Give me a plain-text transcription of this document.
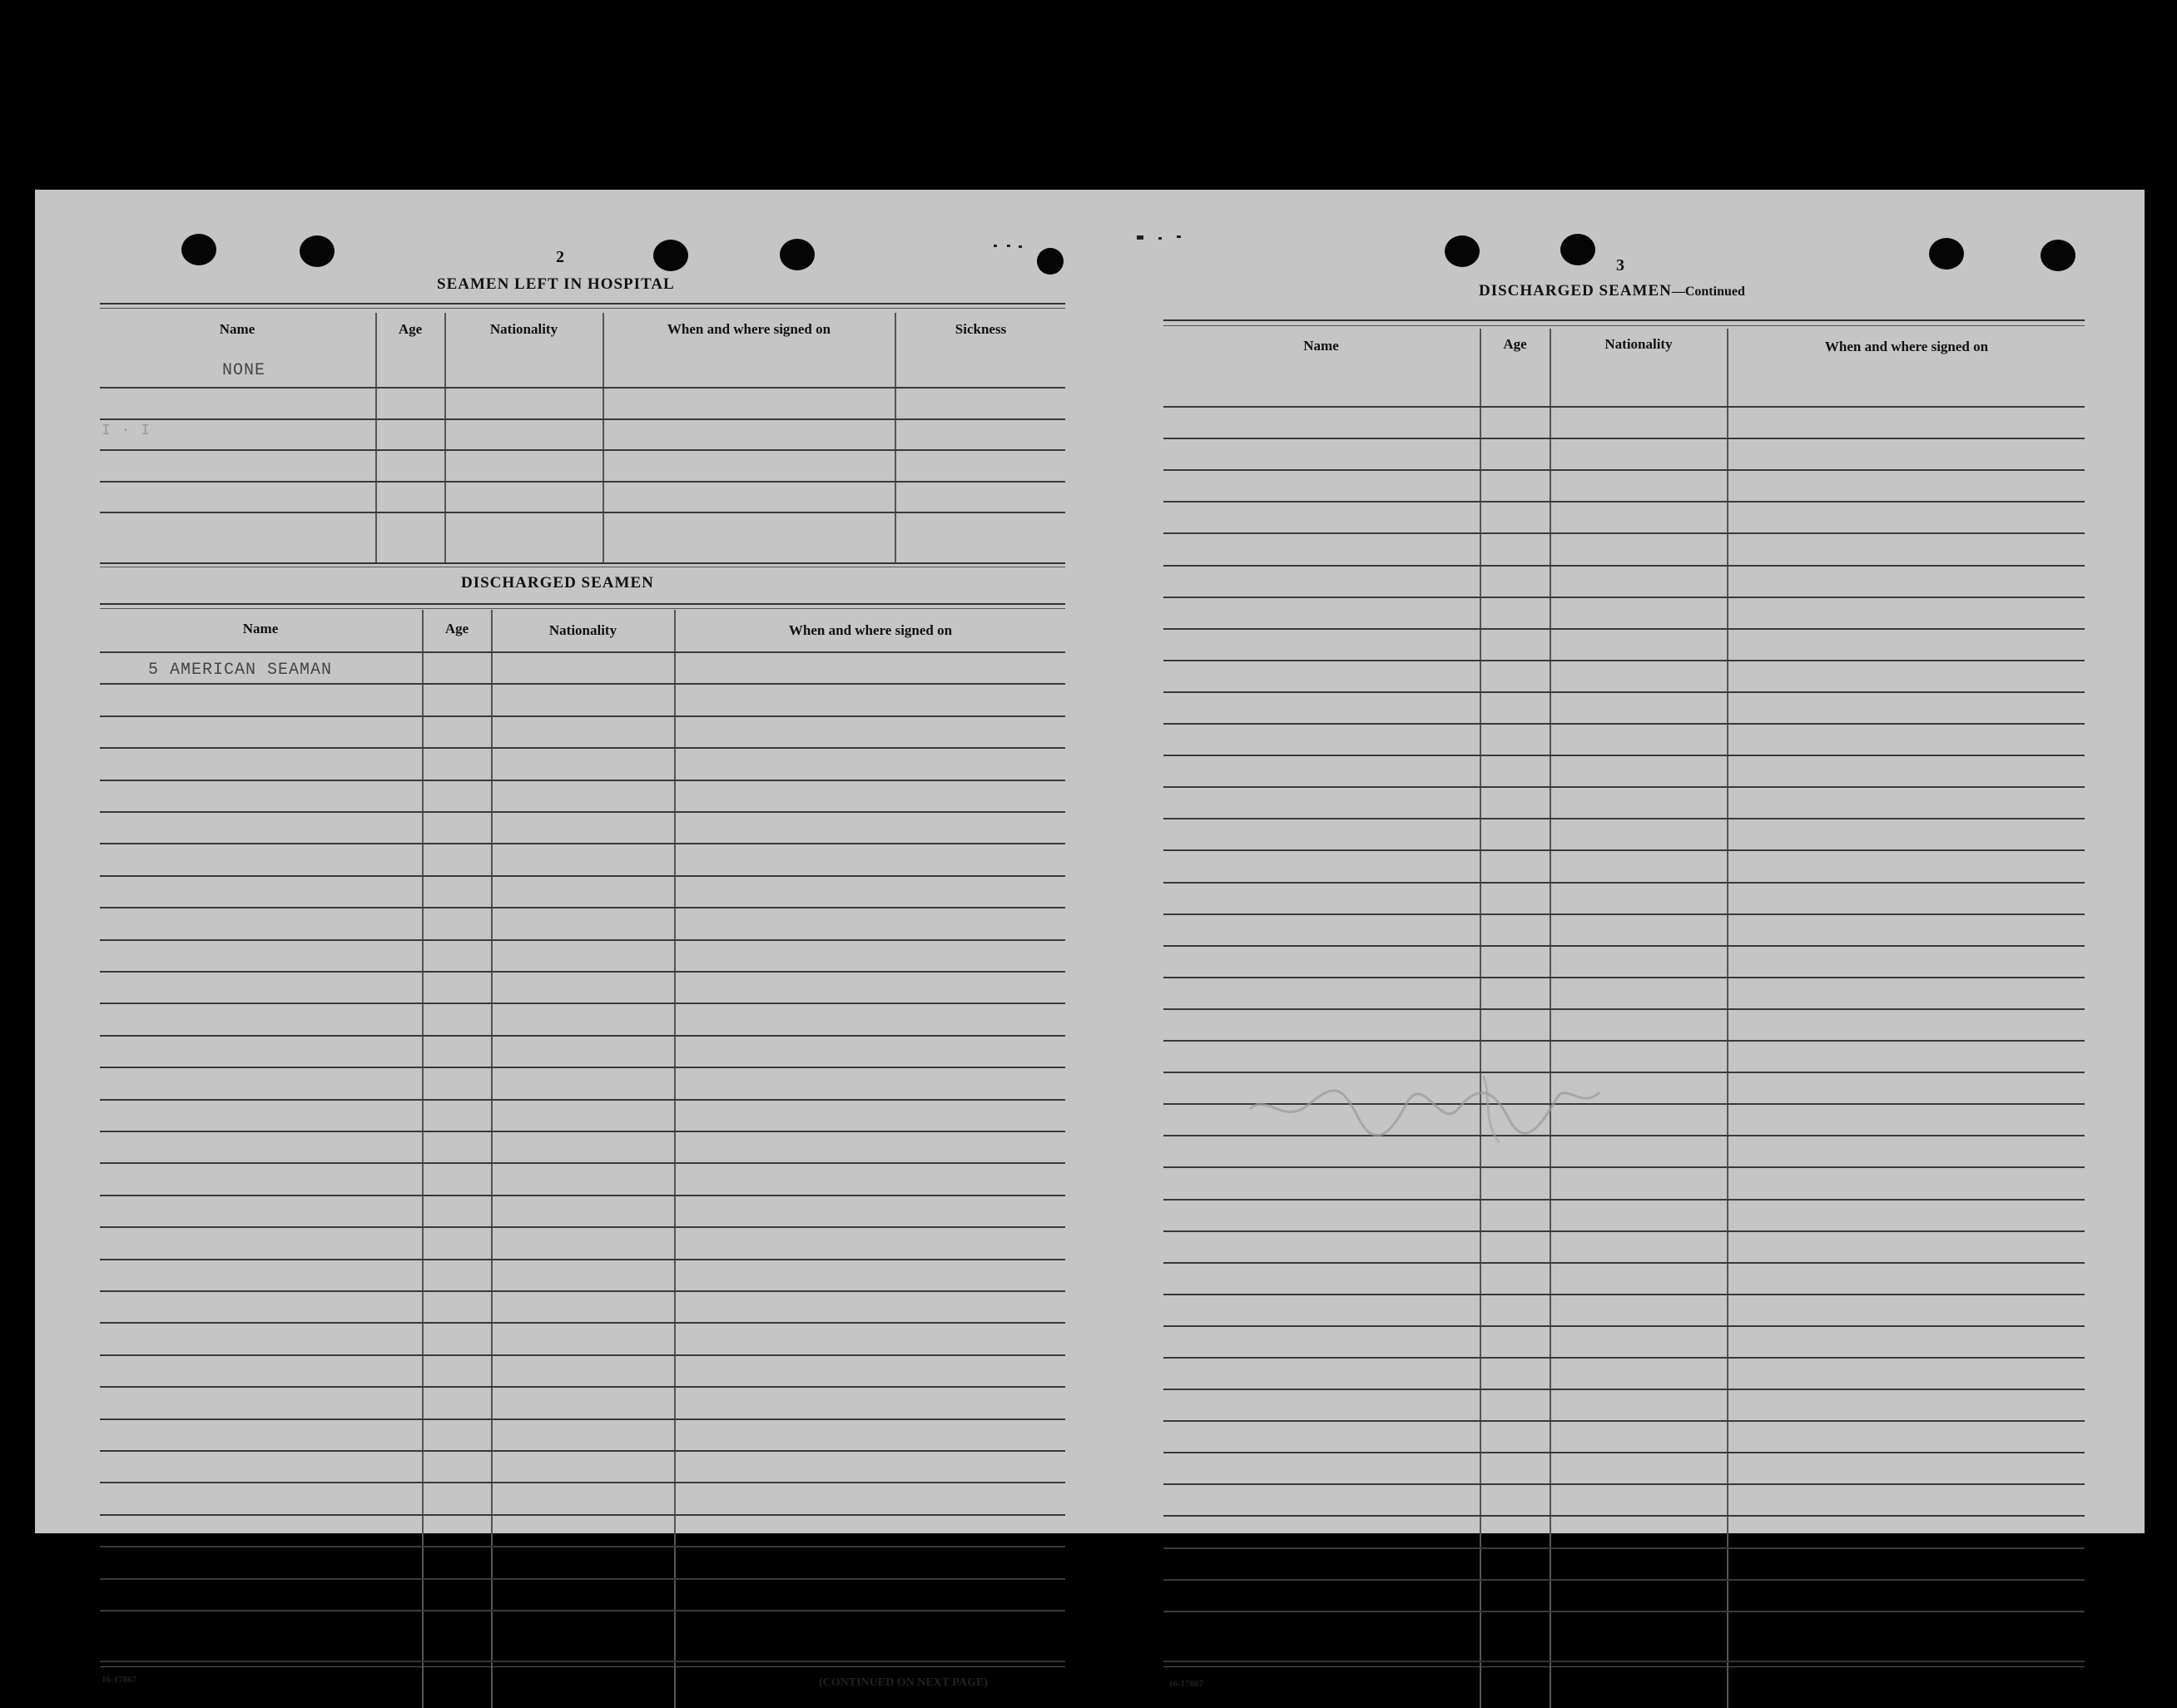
2
SEAMEN LEFT IN HOSPITAL
Name	Age	Nationality	When and where signed on	Sickness
NONE
I · I
DISCHARGED SEAMEN
Name	Age	Nationality	When and where signed on
5 AMERICAN SEAMAN
16-17867	(CONTINUED ON NEXT PAGE)
3
DISCHARGED SEAMEN—Continued
Name	Age	Nationality	When and where signed on
16-17867
